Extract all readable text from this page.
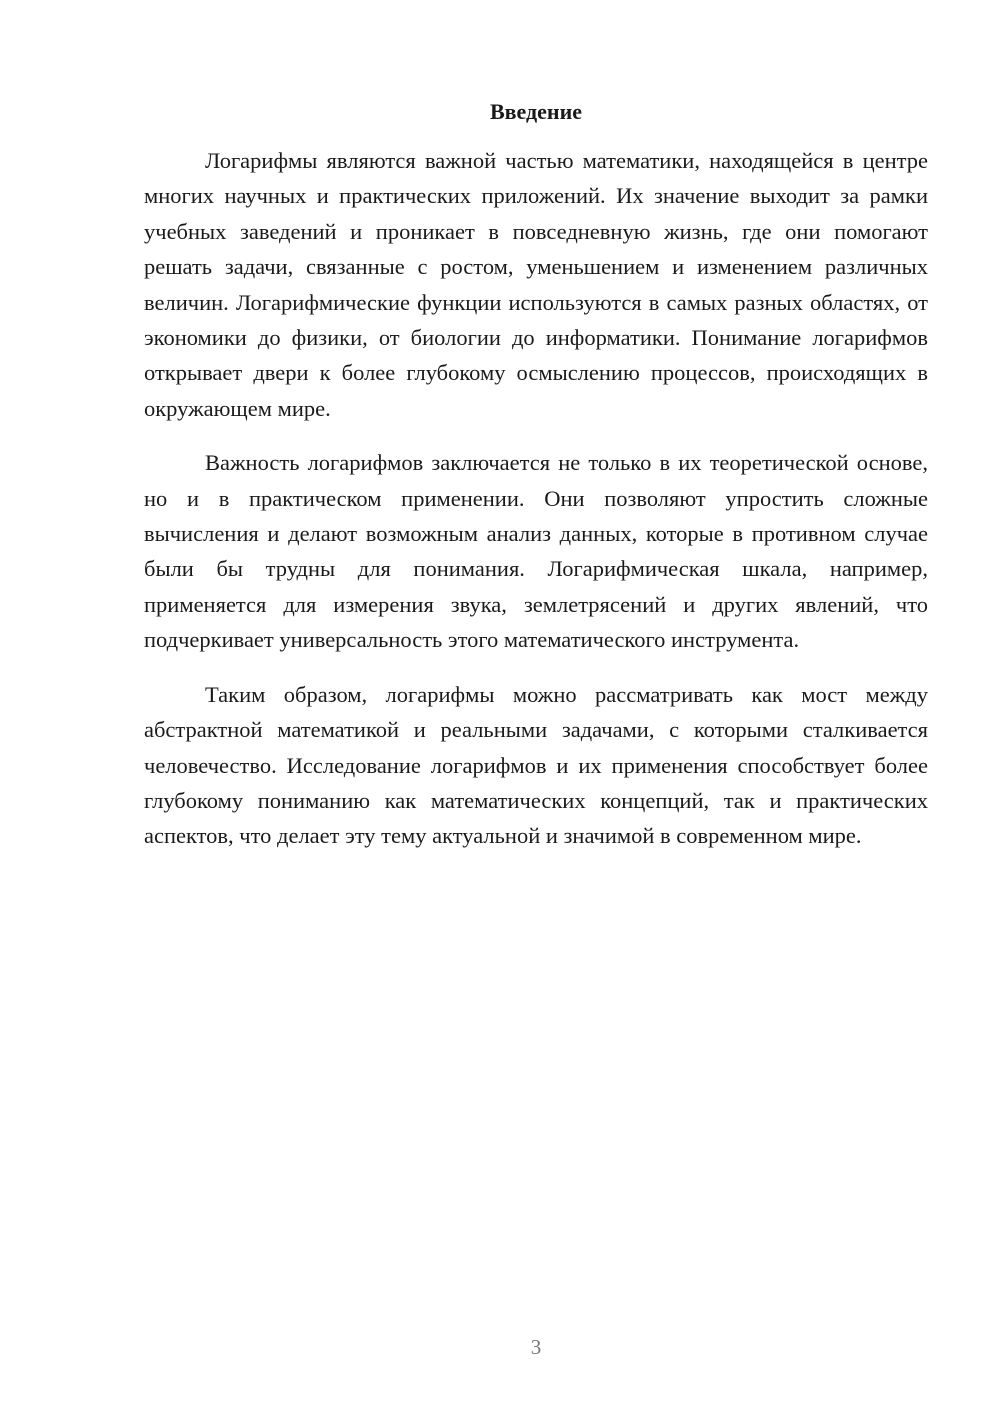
Введение

Логарифмы являются важной частью математики, находящейся в центре многих научных и практических приложений. Их значение выходит за рамки учебных заведений и проникает в повседневную жизнь, где они помогают решать задачи, связанные с ростом, уменьшением и изменением различных величин. Логарифмические функции используются в самых разных областях, от экономики до физики, от биологии до информатики. Понимание логарифмов открывает двери к более глубокому осмыслению процессов, происходящих в окружающем мире.

Важность логарифмов заключается не только в их теоретической основе, но и в практическом применении. Они позволяют упростить сложные вычисления и делают возможным анализ данных, которые в противном случае были бы трудны для понимания. Логарифмическая шкала, например, применяется для измерения звука, землетрясений и других явлений, что подчеркивает универсальность этого математического инструмента.

Таким образом, логарифмы можно рассматривать как мост между абстрактной математикой и реальными задачами, с которыми сталкивается человечество. Исследование логарифмов и их применения способствует более глубокому пониманию как математических концепций, так и практических аспектов, что делает эту тему актуальной и значимой в современном мире.

3
